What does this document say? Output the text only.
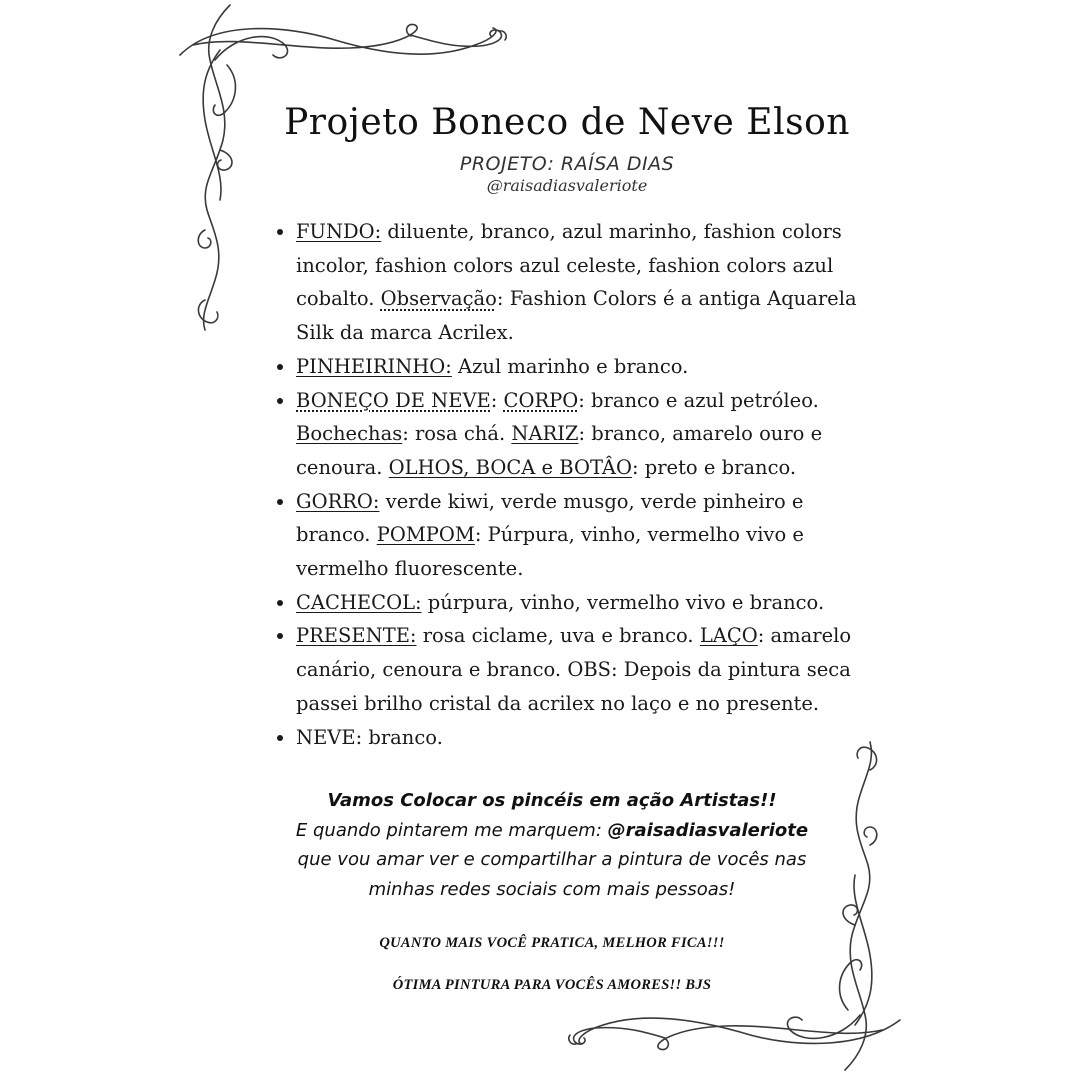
Projeto Boneco de Neve Elson
PROJETO: RAÍSA DIAS
@raisadiasvaleriote
• FUNDO: diluente, branco, azul marinho, fashion colors incolor, fashion colors azul celeste, fashion colors azul cobalto. Observação: Fashion Colors é a antiga Aquarela Silk da marca Acrilex.
• PINHEIRINHO: Azul marinho e branco.
• BONEÇO DE NEVE: CORPO: branco e azul petróleo. Bochechas: rosa chá. NARIZ: branco, amarelo ouro e cenoura. OLHOS, BOCA e BOTÂO: preto e branco.
• GORRO: verde kiwi, verde musgo, verde pinheiro e branco. POMPOM: Púrpura, vinho, vermelho vivo e vermelho fluorescente.
• CACHECOL: púrpura, vinho, vermelho vivo e branco.
• PRESENTE: rosa ciclame, uva e branco. LAÇO: amarelo canário, cenoura e branco. OBS: Depois da pintura seca passei brilho cristal da acrilex no laço e no presente.
• NEVE: branco.
Vamos Colocar os pincéis em ação Artistas!!
E quando pintarem me marquem: @raisadiasvaleriote
que vou amar ver e compartilhar a pintura de vocês nas
minhas redes sociais com mais pessoas!
QUANTO MAIS VOCÊ PRATICA, MELHOR FICA!!!
ÓTIMA PINTURA PARA VOCÊS AMORES!! BJS
